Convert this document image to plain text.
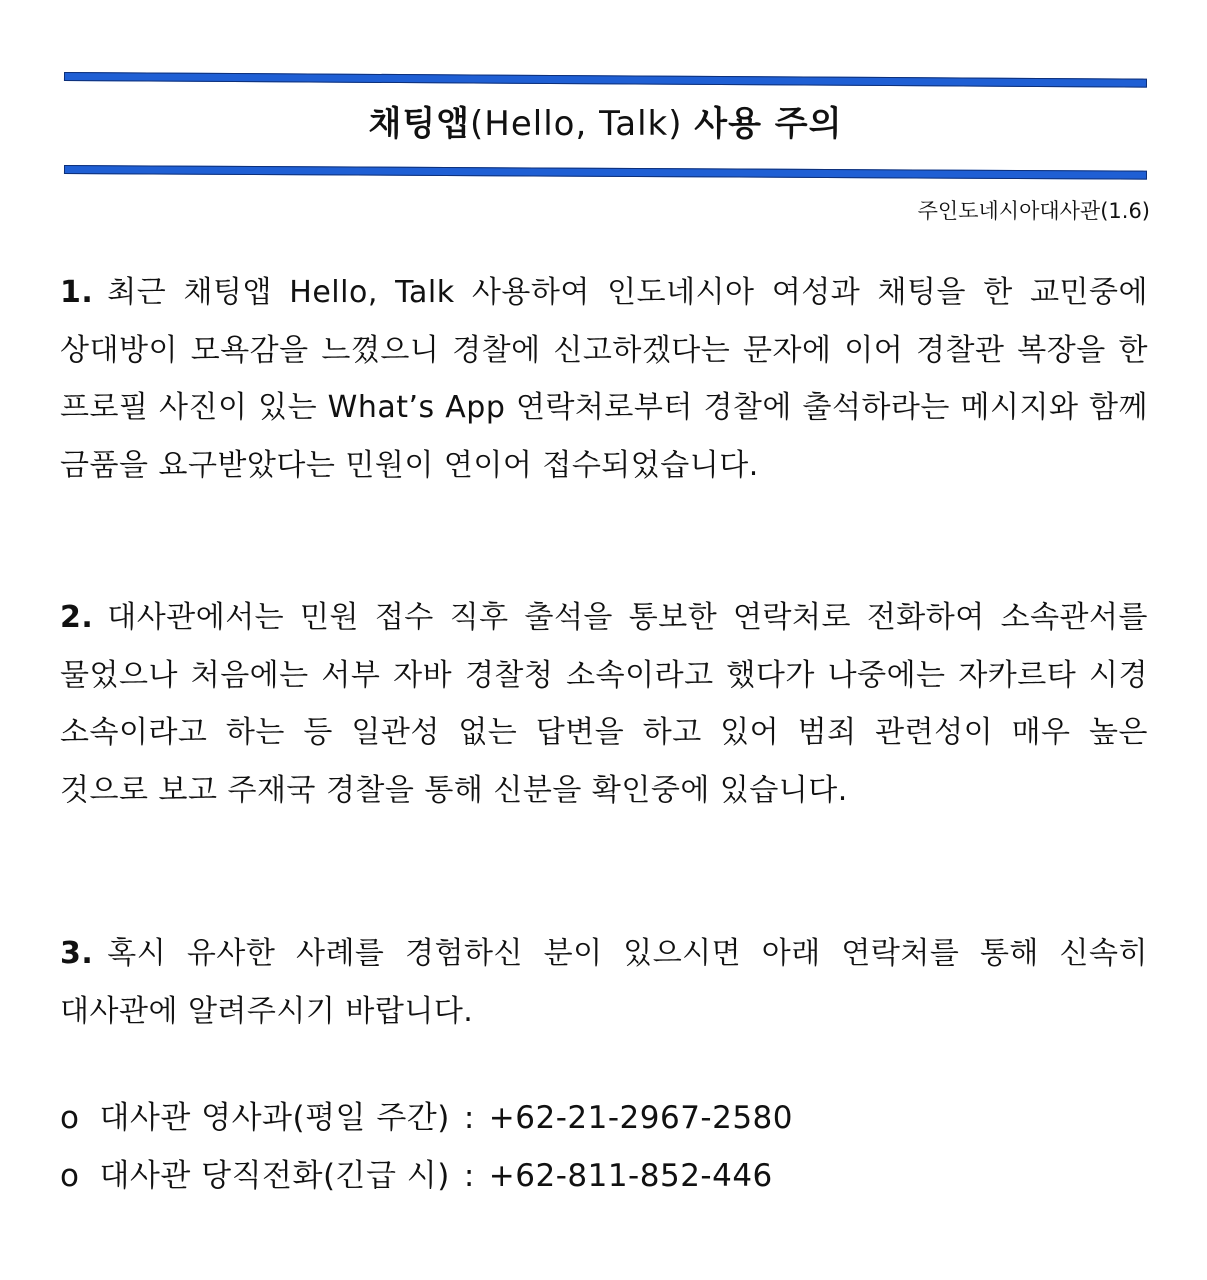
채팅앱(Hello, Talk) 사용 주의
주인도네시아대사관(1.6)
1. 최근 채팅앱 Hello, Talk 사용하여 인도네시아 여성과 채팅을 한 교민중에 상대방이 모욕감을 느꼈으니 경찰에 신고하겠다는 문자에 이어 경찰관 복장을 한 프로필 사진이 있는 What’s App 연락처로부터 경찰에 출석하라는 메시지와 함께 금품을 요구받았다는 민원이 연이어 접수되었습니다.
2. 대사관에서는 민원 접수 직후 출석을 통보한 연락처로 전화하여 소속관서를 물었으나 처음에는 서부 자바 경찰청 소속이라고 했다가 나중에는 자카르타 시경 소속이라고 하는 등 일관성 없는 답변을 하고 있어 범죄 관련성이 매우 높은 것으로 보고 주재국 경찰을 통해 신분을 확인중에 있습니다.
3. 혹시 유사한 사례를 경험하신 분이 있으시면 아래 연락처를 통해 신속히 대사관에 알려주시기 바랍니다.
o 대사관 영사과(평일 주간) : +62-21-2967-2580
o 대사관 당직전화(긴급 시) : +62-811-852-446
